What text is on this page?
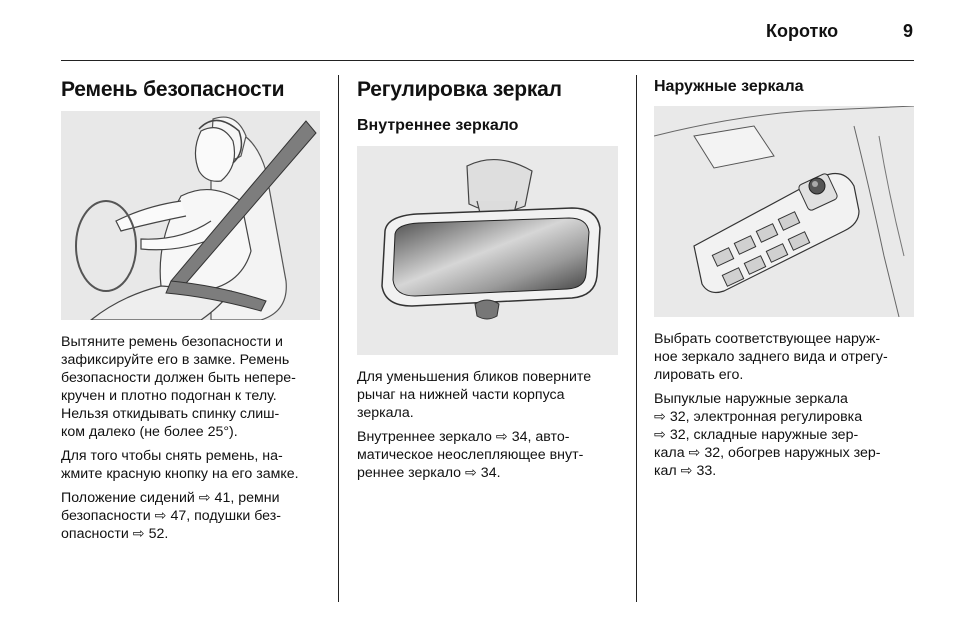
Коротко	9
Ремень безопасности

Вытяните ремень безопасности и
зафиксируйте его в замке. Ремень
безопасности должен быть непере-
кручен и плотно подогнан к телу.
Нельзя откидывать спинку слиш-
ком далеко (не более 25°).

Для того чтобы снять ремень, на-
жмите красную кнопку на его замке.

Положение сидений ⇨ 41, ремни
безопасности ⇨ 47, подушки без-
опасности ⇨ 52.

Регулировка зеркал
Внутреннее зеркало

Для уменьшения бликов поверните
рычаг на нижней части корпуса
зеркала.

Внутреннее зеркало ⇨ 34, авто-
матическое неослепляющее внут-
реннее зеркало ⇨ 34.

Наружные зеркала

Выбрать соответствующее наруж-
ное зеркало заднего вида и отрегу-
лировать его.

Выпуклые наружные зеркала
⇨ 32, электронная регулировка
⇨ 32, складные наружные зер-
кала ⇨ 32, обогрев наружных зер-
кал ⇨ 33.
